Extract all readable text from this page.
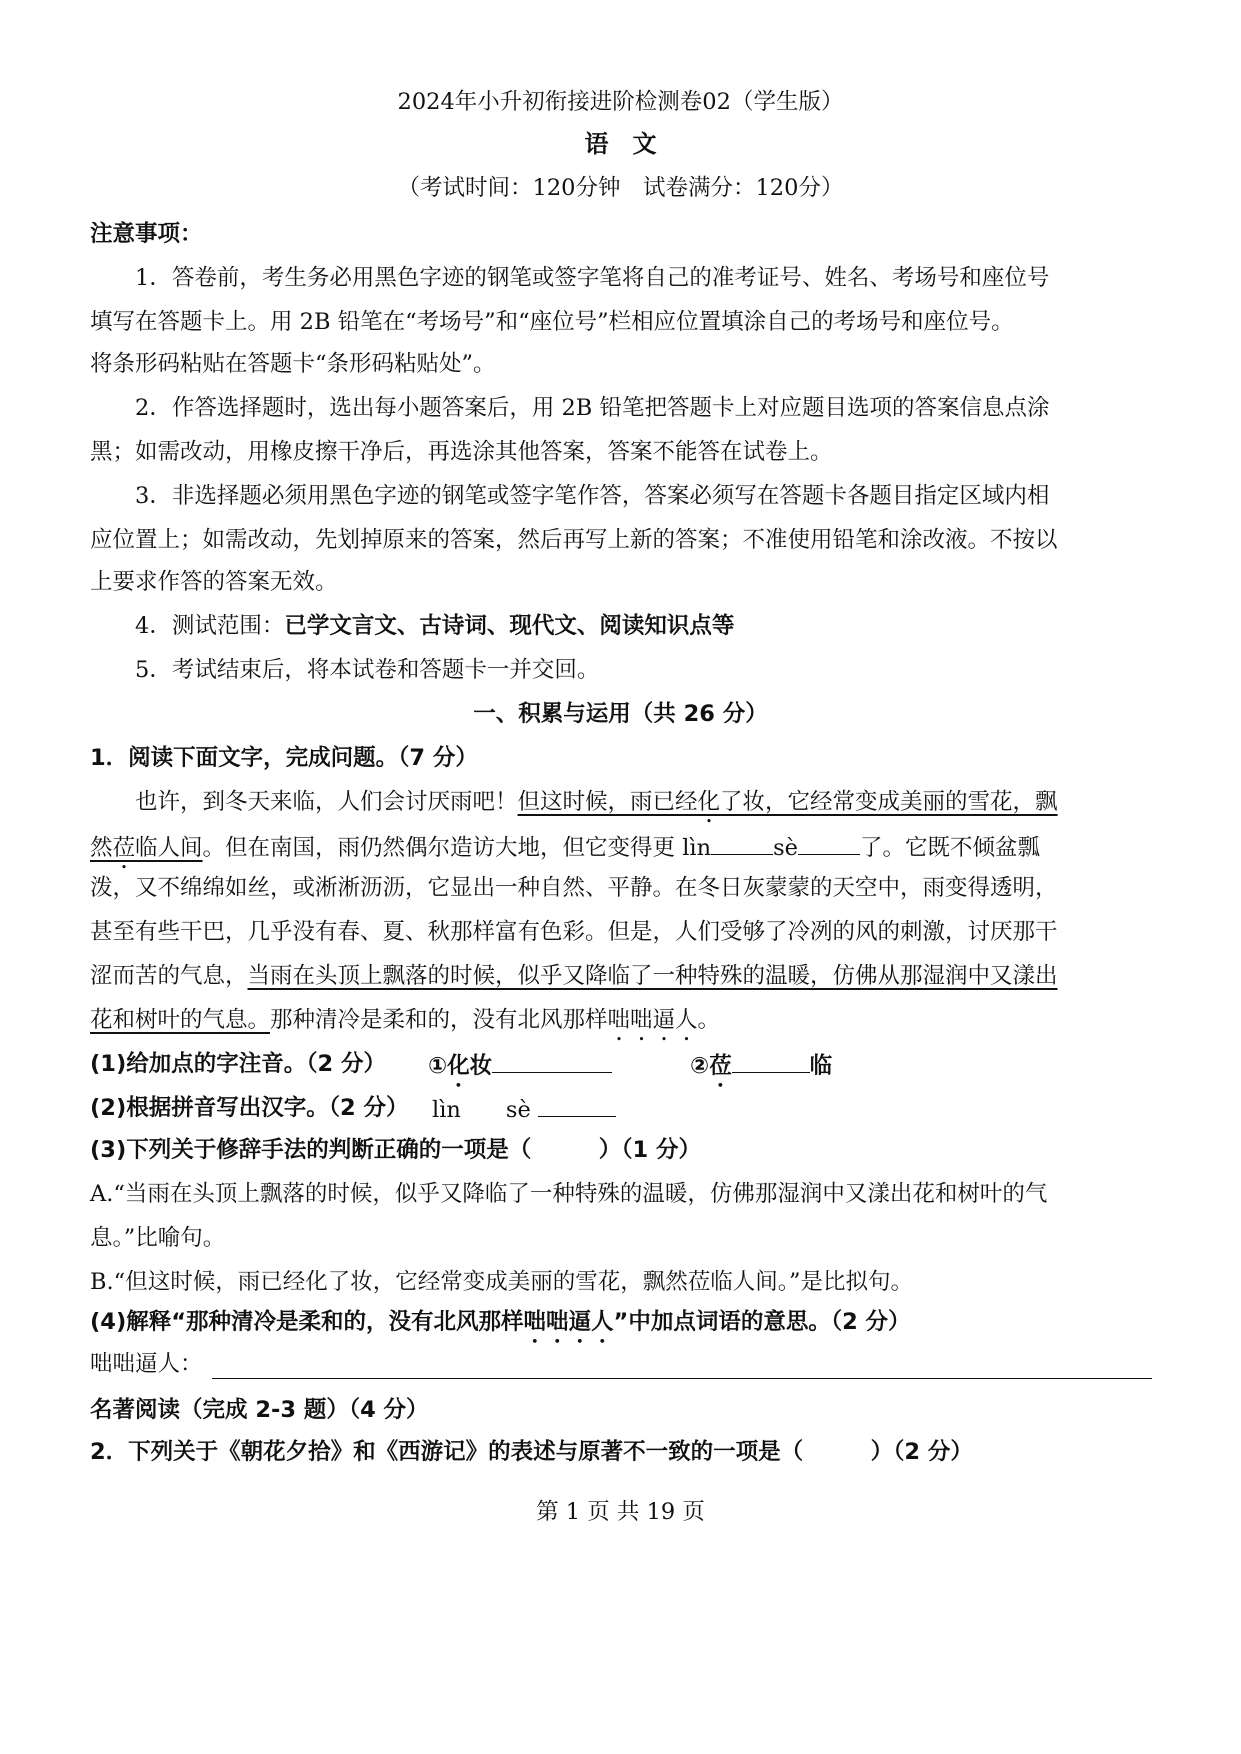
2024年小升初衔接进阶检测卷02（学生版）
语　文
（考试时间：120分钟　试卷满分：120分）
注意事项：
　　1．答卷前，考生务必用黑色字迹的钢笔或签字笔将自己的准考证号、姓名、考场号和座位号
填写在答题卡上。用 2B 铅笔在“考场号”和“座位号”栏相应位置填涂自己的考场号和座位号。
将条形码粘贴在答题卡“条形码粘贴处”。
　　2．作答选择题时，选出每小题答案后，用 2B 铅笔把答题卡上对应题目选项的答案信息点涂
黑；如需改动，用橡皮擦干净后，再选涂其他答案，答案不能答在试卷上。
　　3．非选择题必须用黑色字迹的钢笔或签字笔作答，答案必须写在答题卡各题目指定区域内相
应位置上；如需改动，先划掉原来的答案，然后再写上新的答案；不准使用铅笔和涂改液。不按以
上要求作答的答案无效。
　　4．测试范围：已学文言文、古诗词、现代文、阅读知识点等
　　5．考试结束后，将本试卷和答题卡一并交回。
一、积累与运用（共 26 分）
1．阅读下面文字，完成问题。（7 分）
　　也许，到冬天来临，人们会讨厌雨吧！但这时候，雨已经化了妆，它经常变成美丽的雪花，飘
然莅临人间。但在南国，雨仍然偶尔造访大地，但它变得更 lìn	sè	了。它既不倾盆瓢
泼，又不绵绵如丝，或淅淅沥沥，它显出一种自然、平静。在冬日灰蒙蒙的天空中，雨变得透明，
甚至有些干巴，几乎没有春、夏、秋那样富有色彩。但是，人们受够了冷冽的风的刺激，讨厌那干
涩而苦的气息，当雨在头顶上飘落的时候，似乎又降临了一种特殊的温暖，仿佛从那湿润中又漾出
花和树叶的气息。那种清冷是柔和的，没有北风那样咄咄逼人。
(1)给加点的字注音。（2 分）	①化妆	②莅	临
(2)根据拼音写出汉字。（2 分）	lìn　　 sè
(3)下列关于修辞手法的判断正确的一项是（　　　）（1 分）
A.“当雨在头顶上飘落的时候，似乎又降临了一种特殊的温暖，仿佛那湿润中又漾出花和树叶的气
息。”比喻句。
B.“但这时候，雨已经化了妆，它经常变成美丽的雪花，飘然莅临人间。”是比拟句。
(4)解释“那种清冷是柔和的，没有北风那样咄咄逼人”中加点词语的意思。（2 分）
咄咄逼人：
名著阅读（完成 2-3 题）（4 分）
2．下列关于《朝花夕拾》和《西游记》的表述与原著不一致的一项是（　　　）（2 分）
第 1 页 共 19 页
